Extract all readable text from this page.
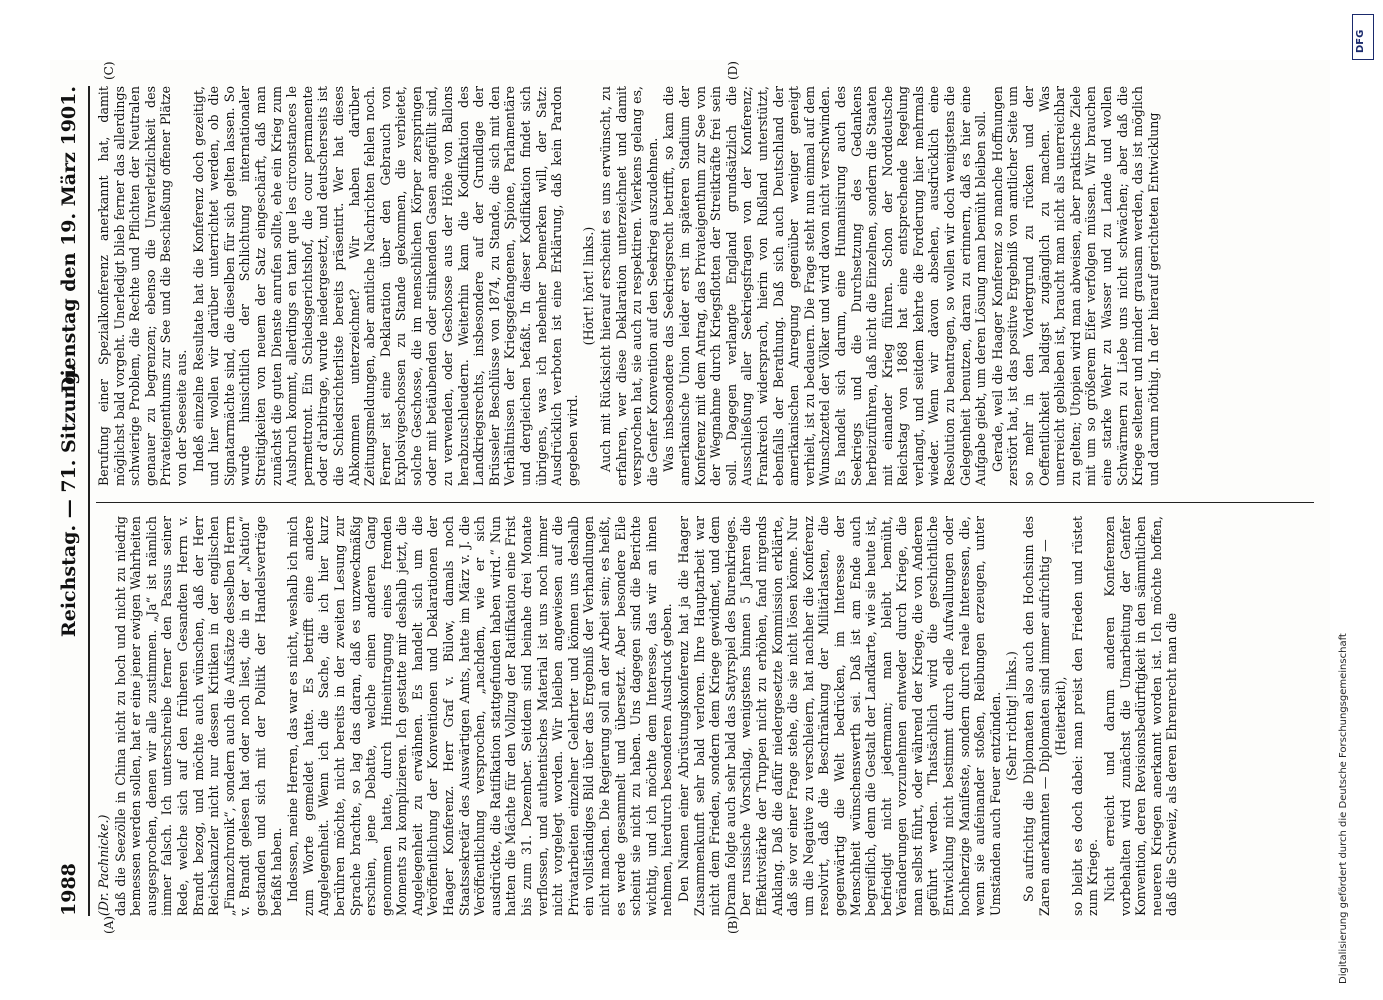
1988
Reichstag. — 71. Sitzung.
Dienstag den 19. März 1901.
(A)	(B)
(C)	(D)

(Dr. Pachnicke.) daß die Seezölle in China nicht zu hoch und nicht zu niedrig bemessen werden sollen, hat er eine jener ewigen Wahrheiten ausgesprochen, denen wir alle zustimmen. „Ja“ ist nämlich immer falsch. Ich unterschreibe ferner den Passus seiner Rede, welche sich auf den früheren Gesandten Herrn v. Brandt bezog, und möchte auch wünschen, daß der Herr Reichskanzler nicht nur dessen Kritiken in der englischen „Finanzchronik“, sondern auch die Aufsätze desselben Herrn v. Brandt gelesen hat oder noch liest, die in der „Nation“ gestanden und sich mit der Politik der Handelsverträge befaßt haben. Indessen, meine Herren, das war es nicht, weshalb ich mich zum Worte gemeldet hatte. Es betrifft eine andere Angelegenheit. Wenn ich die Sache, die ich hier kurz berühren möchte, nicht bereits in der zweiten Lesung zur Sprache brachte, so lag das daran, daß es unzweckmäßig erschien, jene Debatte, welche einen anderen Gang genommen hatte, durch Hineintragung eines fremden Moments zu komplizieren. Ich gestatte mir deshalb jetzt, die Angelegenheit zu erwähnen. Es handelt sich um die Veröffentlichung der Konventionen und Deklarationen der Haager Konferenz. Herr Graf v. Bülow, damals noch Staatssekretär des Auswärtigen Amts, hatte im März v. J. die Veröffentlichung versprochen, „nachdem, wie er sich ausdrückte, die Ratifikation stattgefunden haben wird.“ Nun hatten die Mächte für den Vollzug der Ratifikation eine Frist bis zum 31. Dezember. Seitdem sind beinahe drei Monate verflossen, und authentisches Material ist uns noch immer nicht vorgelegt worden. Wir bleiben angewiesen auf die Privatarbeiten einzelner Gelehrter und können uns deshalb ein vollständiges Bild über das Ergebniß der Verhandlungen nicht machen. Die Regierung soll an der Arbeit sein; es heißt, es werde gesammelt und übersetzt. Aber besondere Eile scheint sie nicht zu haben. Uns dagegen sind die Berichte wichtig, und ich möchte dem Interesse, das wir an ihnen nehmen, hierdurch besonderen Ausdruck geben. Den Namen einer Abrüstungskonferenz hat ja die Haager Zusammenkunft sehr bald verloren. Ihre Hauptarbeit war nicht dem Frieden, sondern dem Kriege gewidmet, und dem Drama folgte auch sehr bald das Satyrspiel des Burenkrieges. Der russische Vorschlag, wenigstens binnen 5 Jahren die Effektivstärke der Truppen nicht zu erhöhen, fand nirgends Anklang. Daß die dafür niedergesetzte Kommission erklärte, daß sie vor einer Frage stehe, die sie nicht lösen könne. Nur um die Negative zu verschleiern, hat nachher die Konferenz resolvirt, daß die Beschränkung der Militärlasten, die gegenwärtig die Welt bedrücken, im Interesse der Menschheit wünschenswerth sei. Daß ist am Ende auch begreiflich, denn die Gestalt der Landkarte, wie sie heute ist, befriedigt nicht jedermann; man bleibt bemüht, Veränderungen vorzunehmen entweder durch Kriege, die man selbst führt, oder während der Kriege, die von Anderen geführt werden. Thatsächlich wird die geschichtliche Entwicklung nicht bestimmt durch edle Aufwallungen oder hochherzige Manifeste, sondern durch reale Interessen, die, wenn sie aufeinander stoßen, Reibungen erzeugen, unter Umständen auch Feuer entzünden. (Sehr richtig! links.) So aufrichtig die Diplomaten also auch den Hochsinn des Zaren anerkannten — Diplomaten sind immer aufrichtig — (Heiterkeit), so bleibt es doch dabei: man preist den Frieden und rüstet zum Kriege. Nicht erreicht und darum anderen Konferenzen vorbehalten wird zunächst die Umarbeitung der Genfer Konvention, deren Revisionsbedürftigkeit in den sämmtlichen neueren Kriegen anerkannt worden ist. Ich möchte hoffen, daß die Schweiz, als deren Ehrenrecht man die

Berufung einer Spezialkonferenz anerkannt hat, damit möglichst bald vorgeht. Unerledigt blieb ferner das allerdings schwierige Problem, die Rechte und Pflichten der Neutralen genauer zu begrenzen; ebenso die Unverletzlichkeit des Privateigenthums zur See und die Beschießung offener Plätze von der Seeseite aus. Indeß einzelne Resultate hat die Konferenz doch gezeitigt, und hier wollen wir darüber unterrichtet werden, ob die Signatarmächte sind, die dieselben für sich gelten lassen. So wurde hinsichtlich der Schlichtung internationaler Streitigkeiten von neuem der Satz eingeschärft, daß man zunächst die guten Dienste anrufen sollte, ehe ein Krieg zum Ausbruch kommt, allerdings en tant que les circonstances le permettront. Ein Schiedsgerichtshof, die cour permanente oder d'arbitrage, wurde niedergesetzt, und deutscherseits ist die Schiedsrichterliste bereits präsentirt. Wer hat dieses Abkommen unterzeichnet? Wir haben darüber Zeitungsmeldungen, aber amtliche Nachrichten fehlen noch. Ferner ist eine Deklaration über den Gebrauch von Explosivgeschossen zu Stande gekommen, die verbietet, solche Geschosse, die im menschlichen Körper zerspringen oder mit betäubenden oder stinkenden Gasen angefüllt sind, zu verwenden, oder Geschosse aus der Höhe von Ballons herabzuschleudern. Weiterhin kam die Kodifikation des Landkriegsrechts, insbesondere auf der Grundlage der Brüsseler Beschlüsse von 1874, zu Stande, die sich mit den Verhältnissen der Kriegsgefangenen, Spione, Parlamentäre und dergleichen befaßt. In dieser Kodifikation findet sich übrigens, was ich nebenher bemerken will, der Satz: Ausdrücklich verboten ist eine Erklärung, daß kein Pardon gegeben wird.

(Hört! hört! links.) Auch mit Rücksicht hierauf erscheint es uns erwünscht, zu erfahren, wer diese Deklaration unterzeichnet und damit versprochen hat, sie auch zu respektiren. Vierkens gelang es, die Genfer Konvention auf den Seekrieg auszudehnen. Was insbesondere das Seekriegsrecht betrifft, so kam die amerikanische Union leider erst im späteren Stadium der Konferenz mit dem Antrag, das Privateigenthum zur See von der Wegnahme durch Kriegsflotten der Streitkräfte frei sein soll. Dagegen verlangte England grundsätzlich die Ausschließung aller Seekriegsfragen von der Konferenz; Frankreich widersprach, hierin von Rußland unterstützt, ebenfalls der Berathung. Daß sich auch Deutschland der amerikanischen Anregung gegenüber weniger geneigt verhielt, ist zu bedauern. Die Frage steht nun einmal auf dem Wunschzettel der Völker und wird davon nicht verschwinden. Es handelt sich darum, eine Humanisirung auch des Seekriegs und die Durchsetzung des Gedankens herbeizuführen, daß nicht die Einzelnen, sondern die Staaten mit einander Krieg führen. Schon der Norddeutsche Reichstag von 1868 hat eine entsprechende Regelung verlangt, und seitdem kehrte die Forderung hier mehrmals wieder. Wenn wir davon absehen, ausdrücklich eine Resolution zu beantragen, so wollen wir doch wenigstens die Gelegenheit benutzen, daran zu erinnern, daß es hier eine Aufgabe giebt, um deren Lösung man bemüht bleiben soll. Gerade, weil die Haager Konferenz so manche Hoffnungen zerstört hat, ist das positive Ergebniß von amtlicher Seite um so mehr in den Vordergrund zu rücken und der Oeffentlichkeit baldigst zugänglich zu machen. Was unerreicht geblieben ist, braucht man nicht als unerreichbar zu gelten; Utopien wird man abweisen, aber praktische Ziele mit um so größerem Eifer verfolgen müssen. Wir brauchen eine starke Wehr zu Wasser und zu Lande und wollen Schwärmern zu Liebe uns nicht schwächen; aber daß die Kriege seltener und minder grausam werden, das ist möglich und darum nöthig. In der hierauf gerichteten Entwicklung

DFG
Digitalisierung gefördert durch die Deutsche Forschungsgemeinschaft
